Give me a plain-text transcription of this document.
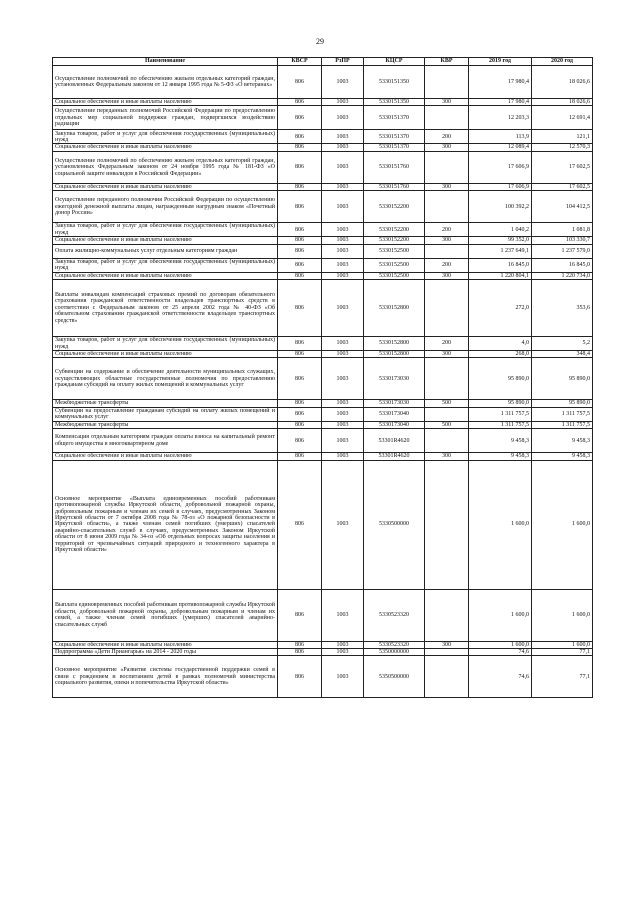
29
Наименование	КВСР	РзПР	КЦСР	КВР	2019 год	2020 год
Осуществление полномочий по обеспечению жильем отдельных категорий граждан, установленных Федеральным законом от 12 января 1995 года № 5-ФЗ «О ветеранах»	806	1003	5330151350		17 980,4	18 026,6
Социальное обеспечение и иные выплаты населению	806	1003	5330151350	300	17 980,4	18 026,6
Осуществление переданных полномочий Российской Федерации по предоставлению отдельных мер социальной поддержки граждан, подвергшихся воздействию радиации	806	1003	5330151370		12 203,3	12 691,4
Закупка товаров, работ и услуг для обеспечения государственных (муниципальных) нужд	806	1003	5330151370	200	113,9	121,1
Социальное обеспечение и иные выплаты населению	806	1003	5330151370	300	12 089,4	12 570,3
Осуществление полномочий по обеспечению жильем отдельных категорий граждан, установленных Федеральным законом от 24 ноября 1995 года № 181-ФЗ «О социальной защите инвалидов в Российской Федерации»	806	1003	5330151760		17 606,9	17 602,5
Социальное обеспечение и иные выплаты населению	806	1003	5330151760	300	17 606,9	17 602,5
Осуществление переданного полномочия Российской Федерации по осуществлению ежегодной денежной выплаты лицам, награжденным нагрудным знаком «Почетный донор России»	806	1003	5330152200		100 392,2	104 412,5
Закупка товаров, работ и услуг для обеспечения государственных (муниципальных) нужд	806	1003	5330152200	200	1 040,2	1 081,8
Социальное обеспечение и иные выплаты населению	806	1003	5330152200	300	99 352,0	103 330,7
Оплата жилищно-коммунальных услуг отдельным категориям граждан	806	1003	5330152500		1 237 649,1	1 237 579,0
Закупка товаров, работ и услуг для обеспечения государственных (муниципальных) нужд	806	1003	5330152500	200	16 845,0	16 845,0
Социальное обеспечение и иные выплаты населению	806	1003	5330152500	300	1 220 804,1	1 220 734,0
Выплаты инвалидам компенсаций страховых премий по договорам обязательного страхования гражданской ответственности владельцев транспортных средств в соответствии с Федеральным законом от 25 апреля 2002 года № 40-ФЗ «Об обязательном страховании гражданской ответственности владельцев транспортных средств»	806	1003	5330152800		272,0	353,6
Закупка товаров, работ и услуг для обеспечения государственных (муниципальных) нужд	806	1003	5330152800	200	4,0	5,2
Социальное обеспечение и иные выплаты населению	806	1003	5330152800	300	268,0	348,4
Субвенции на содержание и обеспечение деятельности муниципальных служащих, осуществляющих областные государственные полномочия по предоставлению гражданам субсидий на оплату жилых помещений и коммунальных услуг	806	1003	5330173030		95 890,0	95 890,0
Межбюджетные трансферты	806	1003	5330173030	500	95 890,0	95 890,0
Субвенции на предоставление гражданам субсидий на оплату жилых помещений и коммунальных услуг	806	1003	5330173040		1 311 757,5	1 311 757,5
Межбюджетные трансферты	806	1003	5330173040	500	1 311 757,5	1 311 757,5
Компенсация отдельным категориям граждан оплаты взноса на капитальный ремонт общего имущества в многоквартирном доме	806	1003	53301R4620		9 458,3	9 458,3
Социальное обеспечение и иные выплаты населению	806	1003	53301R4620	300	9 458,3	9 458,3
Основное мероприятие «Выплата единовременных пособий работникам противопожарной службы Иркутской области, добровольной пожарной охраны, добровольным пожарным и членам их семей в случаях, предусмотренных Законом Иркутской области от 7 октября 2008 года № 78-оз «О пожарной безопасности в Иркутской области», а также членам семей погибших (умерших) спасателей аварийно-спасательных служб в случаях, предусмотренных Законом Иркутской области от 8 июня 2009 года № 34-оз «Об отдельных вопросах защиты населения и территорий от чрезвычайных ситуаций природного и техногенного характера в Иркутской области»	806	1003	5330500000		1 600,0	1 600,0
Выплата единовременных пособий работникам противопожарной службы Иркутской области, добровольной пожарной охраны, добровольным пожарным и членам их семей, а также членам семей погибших (умерших) спасателей аварийно-спасательных служб	806	1003	5330523320		1 600,0	1 600,0
Социальное обеспечение и иные выплаты населению	806	1003	5330523320	300	1 600,0	1 600,0
Подпрограмма «Дети Приангарья» на 2014 - 2020 годы	806	1003	5350000000		74,6	77,1
Основное мероприятие «Развитие системы государственной поддержки семей в связи с рождением и воспитанием детей в рамках полномочий министерства социального развития, опеки и попечительства Иркутской области»	806	1003	5350500000		74,6	77,1
